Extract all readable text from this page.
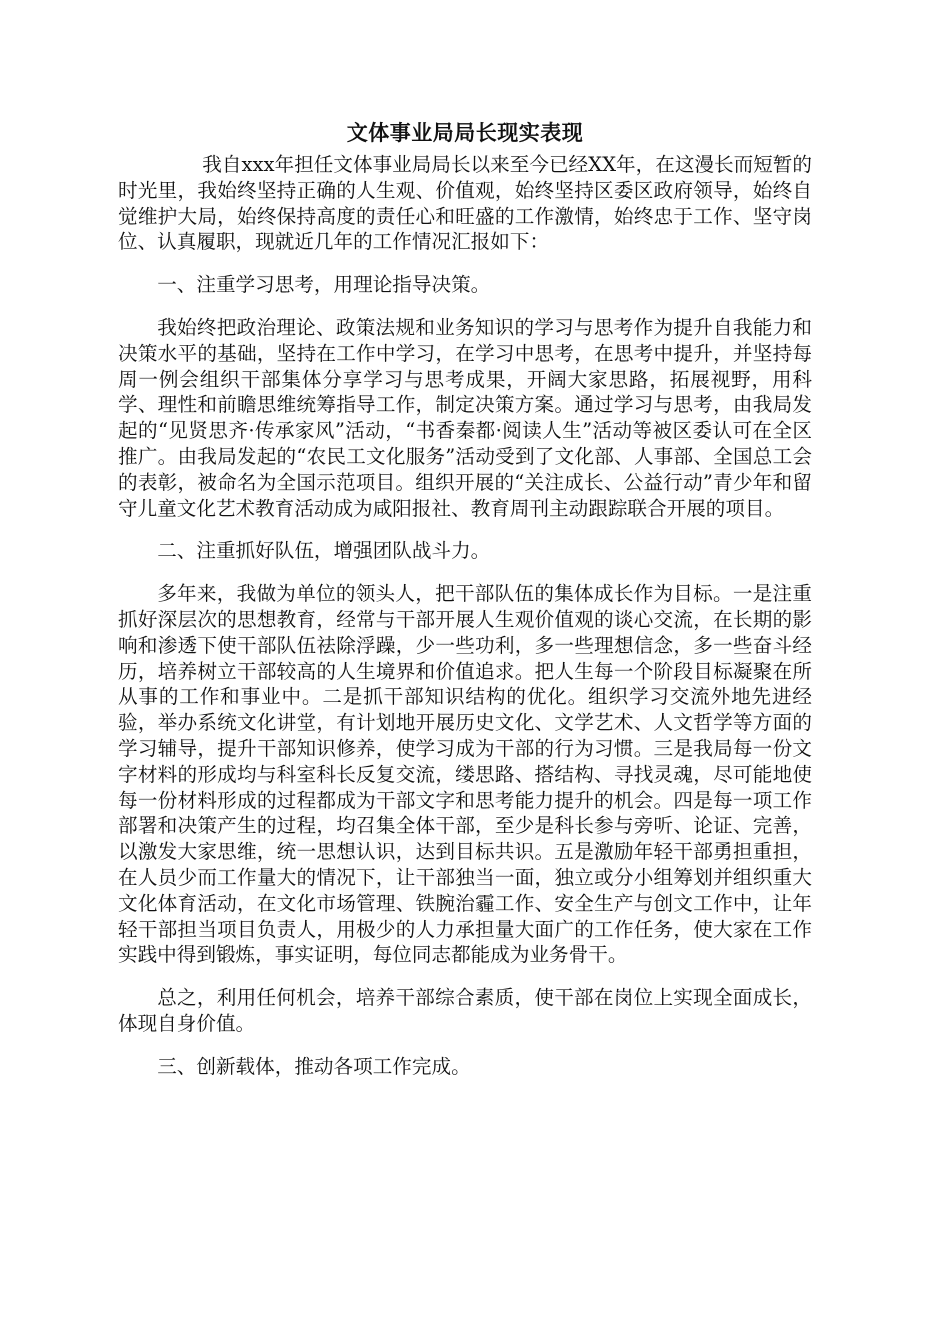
文体事业局局长现实表现

我自xxx年担任文体事业局局长以来至今已经XX年，在这漫长而短暂的时光里，我始终坚持正确的人生观、价值观，始终坚持区委区政府领导，始终自觉维护大局，始终保持高度的责任心和旺盛的工作激情，始终忠于工作、坚守岗位、认真履职，现就近几年的工作情况汇报如下：

一、注重学习思考，用理论指导决策。

我始终把政治理论、政策法规和业务知识的学习与思考作为提升自我能力和决策水平的基础，坚持在工作中学习，在学习中思考，在思考中提升，并坚持每周一例会组织干部集体分享学习与思考成果，开阔大家思路，拓展视野，用科学、理性和前瞻思维统筹指导工作，制定决策方案。通过学习与思考，由我局发起的“见贤思齐·传承家风”活动，“书香秦都·阅读人生”活动等被区委认可在全区推广。由我局发起的“农民工文化服务”活动受到了文化部、人事部、全国总工会的表彰，被命名为全国示范项目。组织开展的“关注成长、公益行动”青少年和留守儿童文化艺术教育活动成为咸阳报社、教育周刊主动跟踪联合开展的项目。

二、注重抓好队伍，增强团队战斗力。

多年来，我做为单位的领头人，把干部队伍的集体成长作为目标。一是注重抓好深层次的思想教育，经常与干部开展人生观价值观的谈心交流，在长期的影响和渗透下使干部队伍祛除浮躁，少一些功利，多一些理想信念，多一些奋斗经历，培养树立干部较高的人生境界和价值追求。把人生每一个阶段目标凝聚在所从事的工作和事业中。二是抓干部知识结构的优化。组织学习交流外地先进经验，举办系统文化讲堂，有计划地开展历史文化、文学艺术、人文哲学等方面的学习辅导，提升干部知识修养，使学习成为干部的行为习惯。三是我局每一份文字材料的形成均与科室科长反复交流，缕思路、搭结构、寻找灵魂，尽可能地使每一份材料形成的过程都成为干部文字和思考能力提升的机会。四是每一项工作部署和决策产生的过程，均召集全体干部，至少是科长参与旁听、论证、完善，以激发大家思维，统一思想认识，达到目标共识。五是激励年轻干部勇担重担，在人员少而工作量大的情况下，让干部独当一面，独立或分小组筹划并组织重大文化体育活动，在文化市场管理、铁腕治霾工作、安全生产与创文工作中，让年轻干部担当项目负责人，用极少的人力承担量大面广的工作任务，使大家在工作实践中得到锻炼，事实证明，每位同志都能成为业务骨干。

总之，利用任何机会，培养干部综合素质，使干部在岗位上实现全面成长，体现自身价值。

三、创新载体，推动各项工作完成。
